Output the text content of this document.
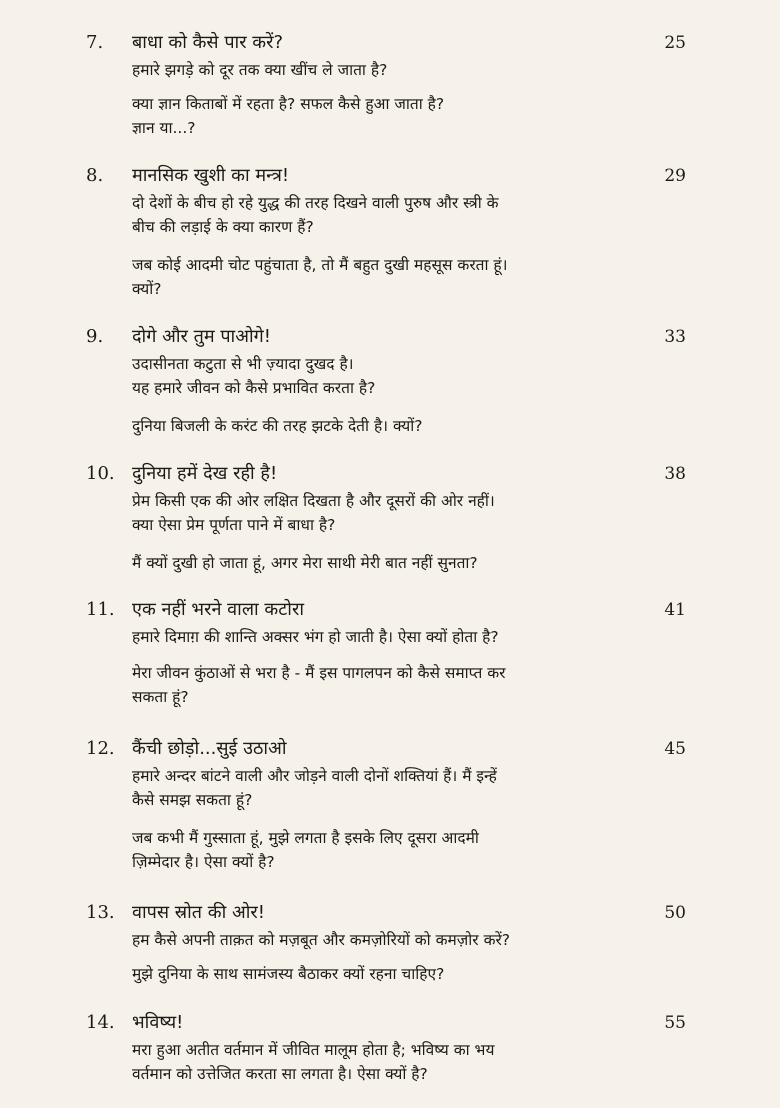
7.	बाधा को कैसे पार करें?	25
हमारे झगड़े को दूर तक क्या खींच ले जाता है?
क्या ज्ञान किताबों में रहता है? सफल कैसे हुआ जाता है?
ज्ञान या...?
8.	मानसिक खुशी का मन्त्र!	29
दो देशों के बीच हो रहे युद्ध की तरह दिखने वाली पुरुष और स्त्री के
बीच की लड़ाई के क्या कारण हैं?
जब कोई आदमी चोट पहुंचाता है, तो मैं बहुत दुखी महसूस करता हूं।
क्यों?
9.	दोगे और तुम पाओगे!	33
उदासीनता कटुता से भी ज़्यादा दुखद है।
यह हमारे जीवन को कैसे प्रभावित करता है?
दुनिया बिजली के करंट की तरह झटके देती है। क्यों?
10. दुनिया हमें देख रही है!	38
प्रेम किसी एक की ओर लक्षित दिखता है और दूसरों की ओर नहीं।
क्या ऐसा प्रेम पूर्णता पाने में बाधा है?
मैं क्यों दुखी हो जाता हूं, अगर मेरा साथी मेरी बात नहीं सुनता?
11. एक नहीं भरने वाला कटोरा	41
हमारे दिमाग़ की शान्ति अक्सर भंग हो जाती है। ऐसा क्यों होता है?
मेरा जीवन कुंठाओं से भरा है - मैं इस पागलपन को कैसे समाप्त कर
सकता हूं?
12. कैंची छोड़ो...सुई उठाओ	45
हमारे अन्दर बांटने वाली और जोड़ने वाली दोनों शक्तियां हैं। मैं इन्हें
कैसे समझ सकता हूं?
जब कभी मैं गुस्साता हूं, मुझे लगता है इसके लिए दूसरा आदमी
ज़िम्मेदार है। ऐसा क्यों है?
13. वापस स्रोत की ओर!	50
हम कैसे अपनी ताक़त को मज़बूत और कमज़ोरियों को कमज़ोर करें?
मुझे दुनिया के साथ सामंजस्य बैठाकर क्यों रहना चाहिए?
14. भविष्य!	55
मरा हुआ अतीत वर्तमान में जीवित मालूम होता है; भविष्य का भय
वर्तमान को उत्तेजित करता सा लगता है। ऐसा क्यों है?
